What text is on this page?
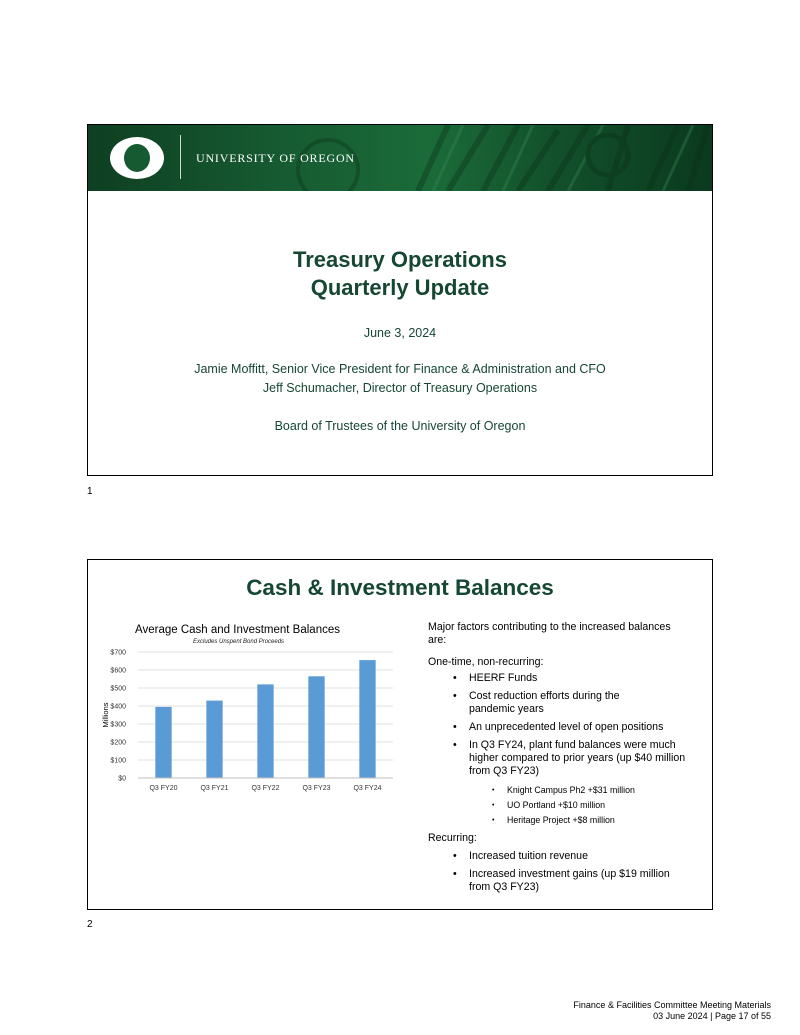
UNIVERSITY OF OREGON
Treasury Operations
Quarterly Update
June 3, 2024
Jamie Moffitt, Senior Vice President for Finance & Administration and CFO
Jeff Schumacher, Director of Treasury Operations
Board of Trustees of the University of Oregon
1
Cash & Investment Balances
Average Cash and Investment Balances
Excludes Unspent Bond Proceeds
$0
$100
$200
$300
$400
$500
$600
$700
Millions
Q3 FY20	Q3 FY21	Q3 FY22	Q3 FY23	Q3 FY24
Major factors contributing to the increased balances are:
One-time, non-recurring:
• HEERF Funds
• Cost reduction efforts during the pandemic years
• An unprecedented level of open positions
• In Q3 FY24, plant fund balances were much higher compared to prior years (up $40 million from Q3 FY23)
• Knight Campus Ph2 +$31 million
• UO Portland +$10 million
• Heritage Project +$8 million
Recurring:
• Increased tuition revenue
• Increased investment gains (up $19 million from Q3 FY23)
2
Finance & Facilities Committee Meeting Materials
03 June 2024 | Page 17 of 55
